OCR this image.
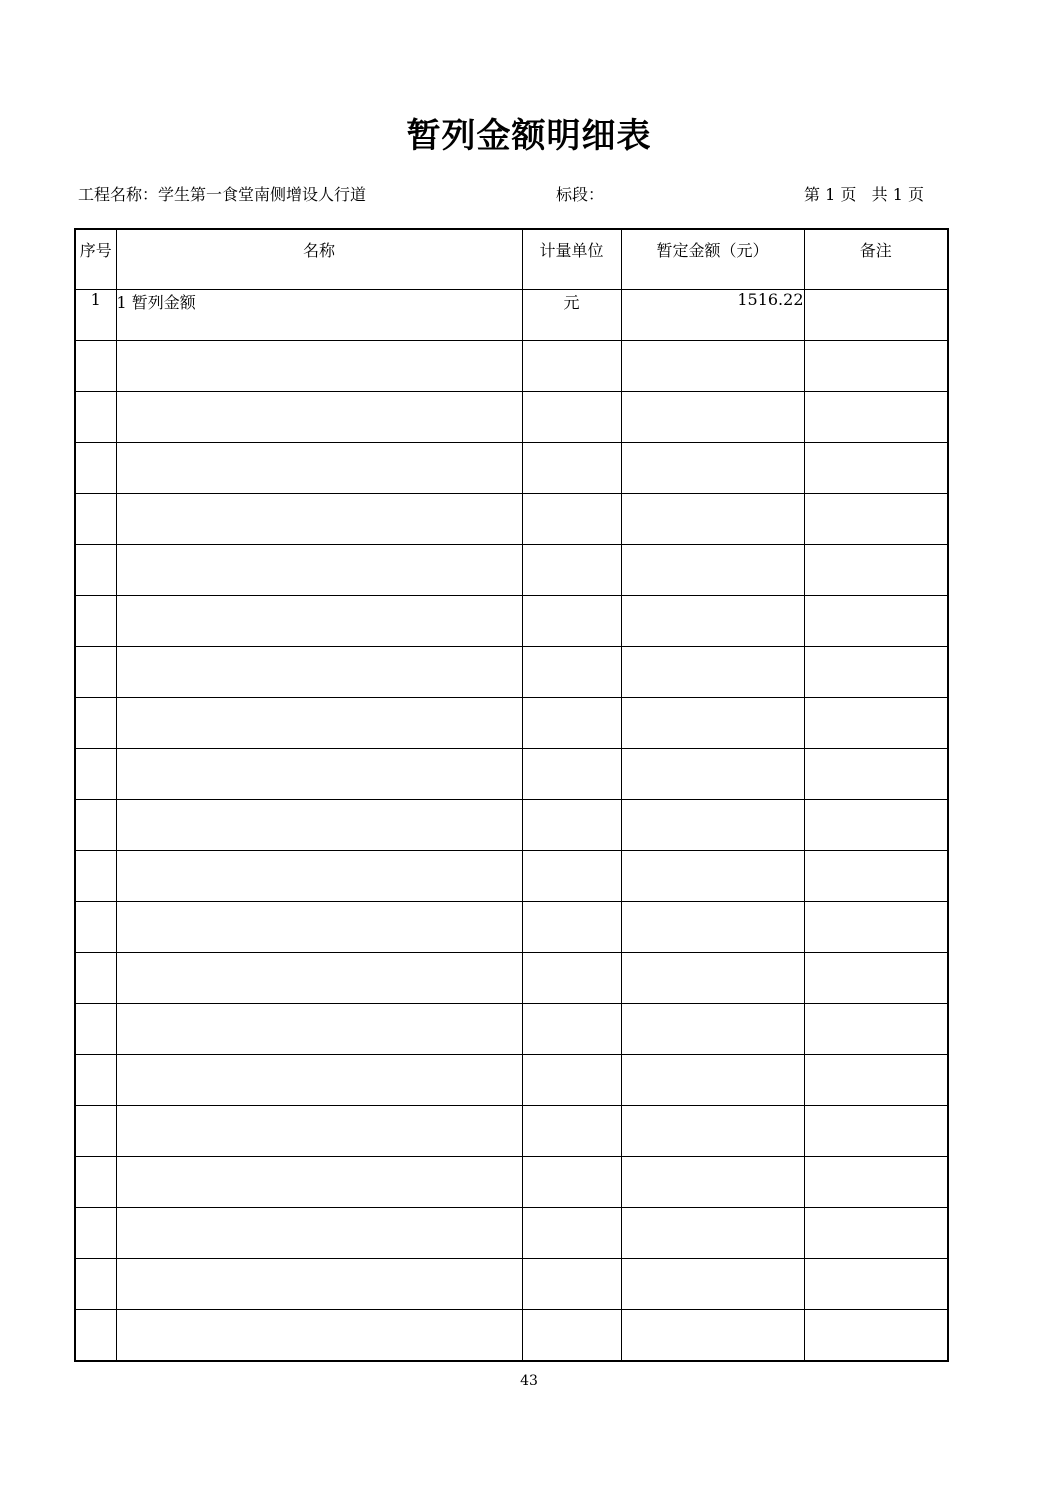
暂列金额明细表
工程名称：学生第一食堂南侧增设人行道	标段：	第 1 页   共 1 页
序号	名称	计量单位	暂定金额（元）	备注
1	1 暂列金额	元	1516.22	

43
